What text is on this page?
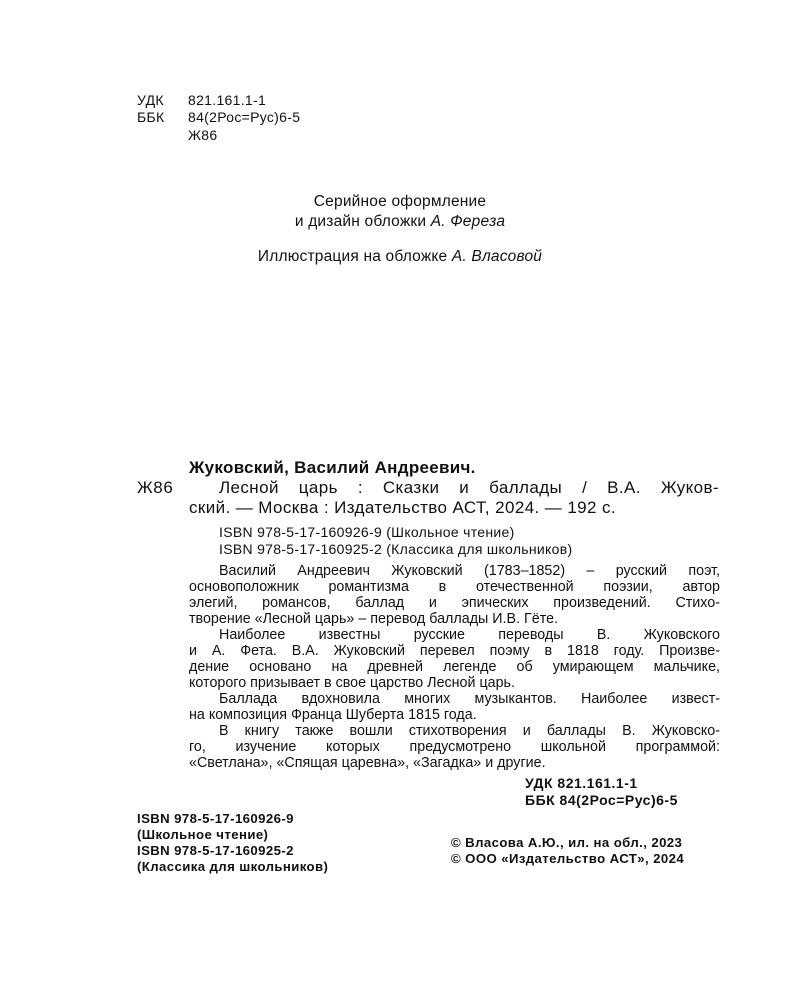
УДК 821.161.1-1
ББК 84(2Рос=Рус)6-5
Ж86
Серийное оформление
и дизайн обложки А. Фереза
Иллюстрация на обложке А. Власовой
Жуковский, Василий Андреевич.
Ж86	Лесной царь : Сказки и баллады / В.А. Жуков-
ский. — Москва : Издательство АСТ, 2024. — 192 с.
ISBN 978-5-17-160926-9 (Школьное чтение)
ISBN 978-5-17-160925-2 (Классика для школьников)
Василий Андреевич Жуковский (1783–1852) – русский поэт,
основоположник романтизма в отечественной поэзии, автор
элегий, романсов, баллад и эпических произведений. Стихо-
творение «Лесной царь» – перевод баллады И.В. Гёте.
Наиболее известны русские переводы В. Жуковского
и А. Фета. В.А. Жуковский перевел поэму в 1818 году. Произве-
дение основано на древней легенде об умирающем мальчике,
которого призывает в свое царство Лесной царь.
Баллада вдохновила многих музыкантов. Наиболее извест-
на композиция Франца Шуберта 1815 года.
В книгу также вошли стихотворения и баллады В. Жуковско-
го, изучение которых предусмотрено школьной программой:
«Светлана», «Спящая царевна», «Загадка» и другие.
УДК 821.161.1-1
ББК 84(2Рос=Рус)6-5
ISBN 978-5-17-160926-9
(Школьное чтение)
ISBN 978-5-17-160925-2
(Классика для школьников)
© Власова А.Ю., ил. на обл., 2023
© ООО «Издательство АСТ», 2024
